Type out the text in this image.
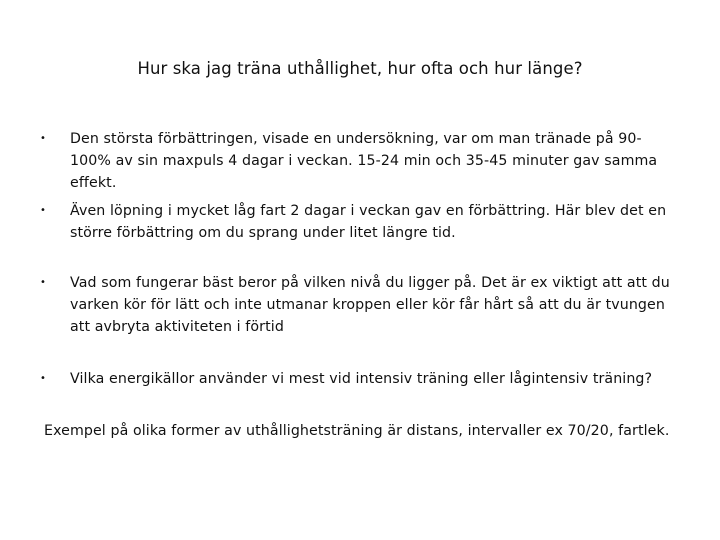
Hur ska jag träna uthållighet, hur ofta och hur länge?
•	Den största förbättringen, visade en undersökning, var om man tränade på 90-100% av sin maxpuls 4 dagar i veckan. 15-24 min och 35-45 minuter gav samma effekt.
•	Även löpning i mycket låg fart 2 dagar i veckan gav en förbättring. Här blev det en större förbättring om du sprang under litet längre tid.
•	Vad som fungerar bäst beror på vilken nivå du ligger på. Det är ex viktigt att att du varken kör för lätt och inte utmanar kroppen eller kör får hårt så att du är tvungen att avbryta aktiviteten i förtid
•	Vilka energikällor använder vi mest vid intensiv träning eller lågintensiv träning?
Exempel på olika former av uthållighetsträning är distans, intervaller ex 70/20, fartlek.
